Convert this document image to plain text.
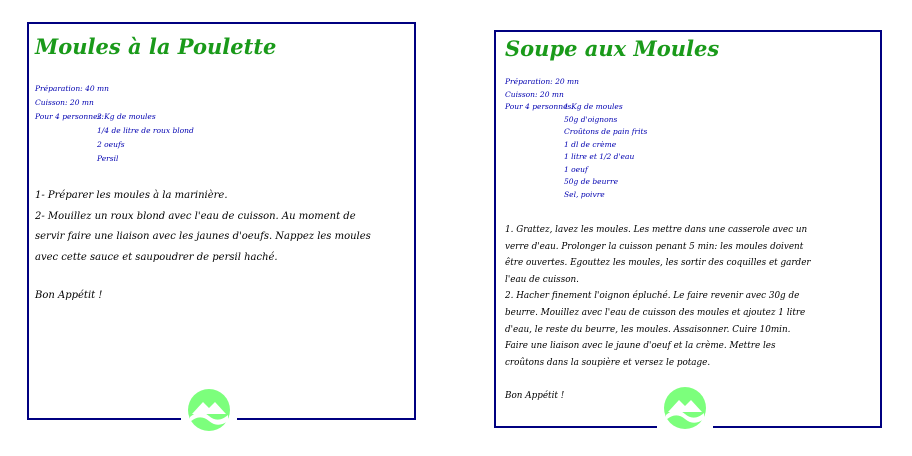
Moules à la Poulette
Préparation: 40 mn
Cuisson: 20 mn
Pour 4 personnes:
2 Kg de moules
1/4 de litre de roux blond
2 oeufs
Persil

1- Préparer les moules à la marinière.

2- Mouillez un roux blond avec l'eau de cuisson. Au moment de

servir faire une liaison avec les jaunes d'oeufs. Nappez les moules

avec cette sauce et saupoudrer de persil haché.

Bon Appétit !

Soupe aux Moules
Préparation: 20 mn
Cuisson: 20 mn
Pour 4 personnes:
1 Kg de moules
50g d'oignons
Croûtons de pain frits
1 dl de crème
1 litre et 1/2 d'eau
1 oeuf
50g de beurre
Sel, poivre

1. Grattez, lavez les moules. Les mettre dans une casserole avec un

verre d'eau. Prolonger la cuisson penant 5 min: les moules doivent

être ouvertes. Egouttez les moules, les sortir des coquilles et garder

l'eau de cuisson.

2. Hacher finement l'oignon épluché. Le faire revenir avec 30g de

beurre. Mouillez avec l'eau de cuisson des moules et ajoutez 1 litre

d'eau, le reste du beurre, les moules. Assaisonner. Cuire 10min.

Faire une liaison avec le jaune d'oeuf et la crème. Mettre les

croûtons dans la soupière et versez le potage.

Bon Appétit !
